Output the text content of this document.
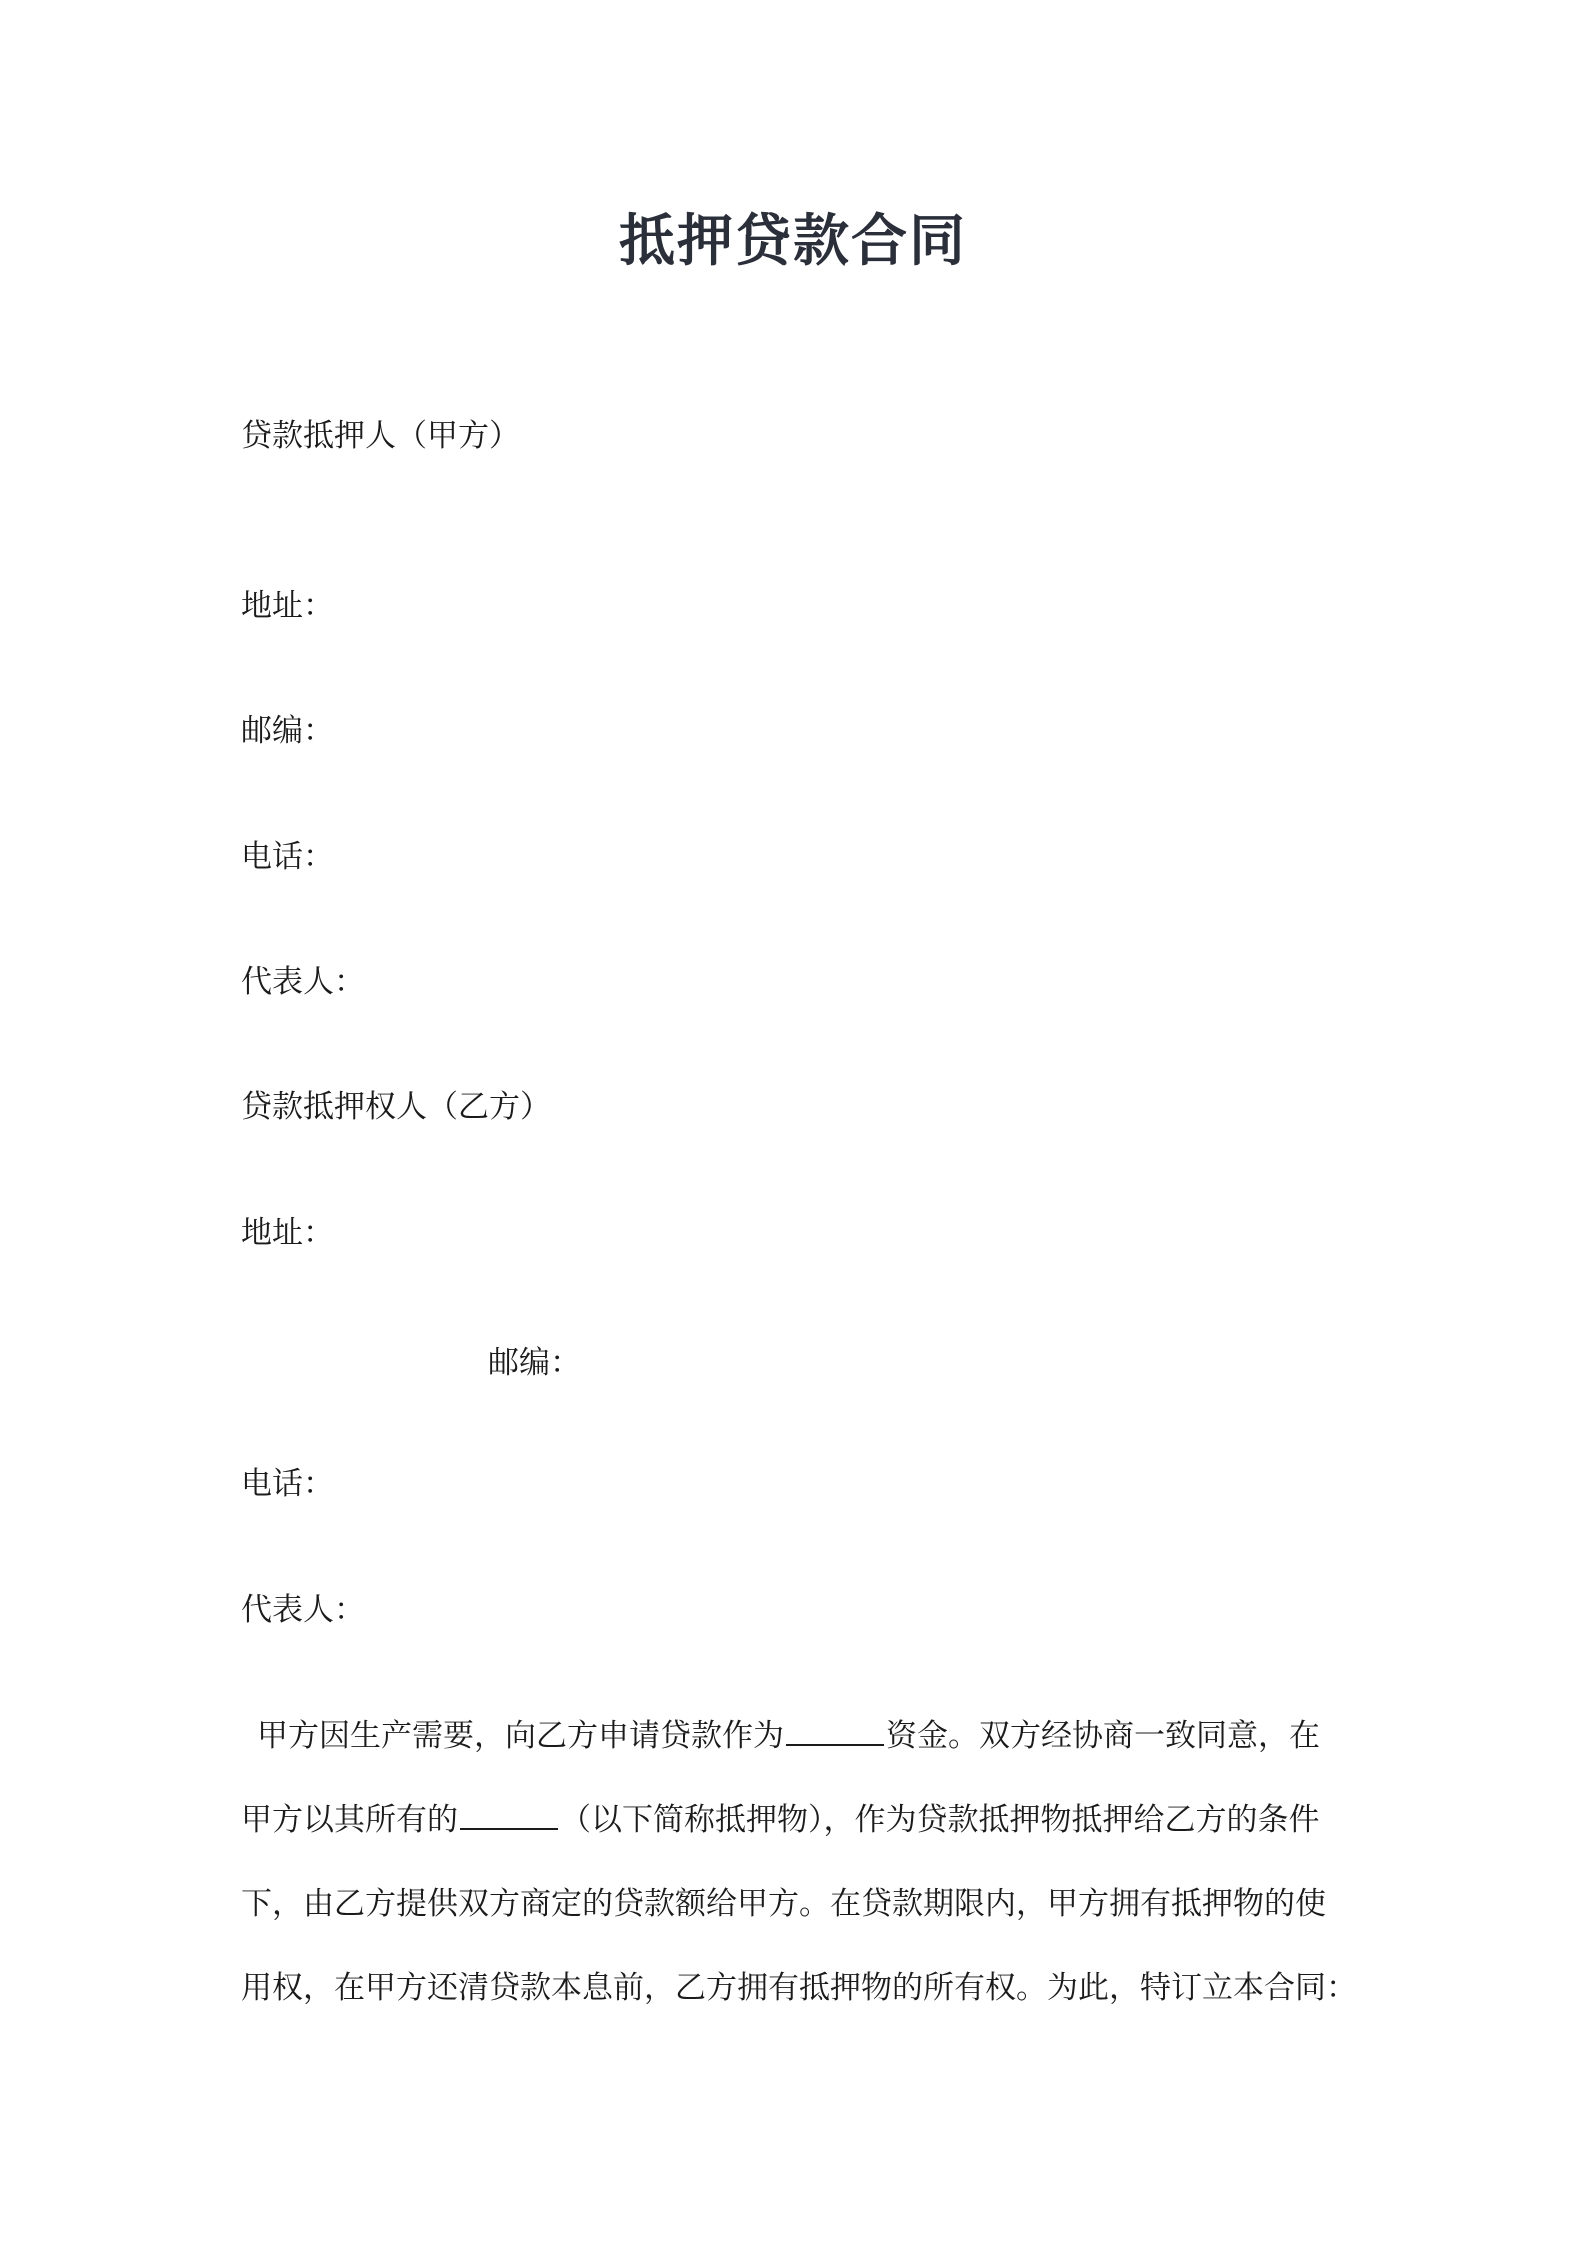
抵押贷款合同

贷款抵押人（甲方）

地址：

邮编：

电话：

代表人：

贷款抵押权人（乙方）

地址：

邮编：

电话：

代表人：

甲方因生产需要，向乙方申请贷款作为	资金。双方经协商一致同意，在
甲方以其所有的	（以下简称抵押物），作为贷款抵押物抵押给乙方的条件
下，由乙方提供双方商定的贷款额给甲方。在贷款期限内，甲方拥有抵押物的使
用权，在甲方还清贷款本息前，乙方拥有抵押物的所有权。为此，特订立本合同：
